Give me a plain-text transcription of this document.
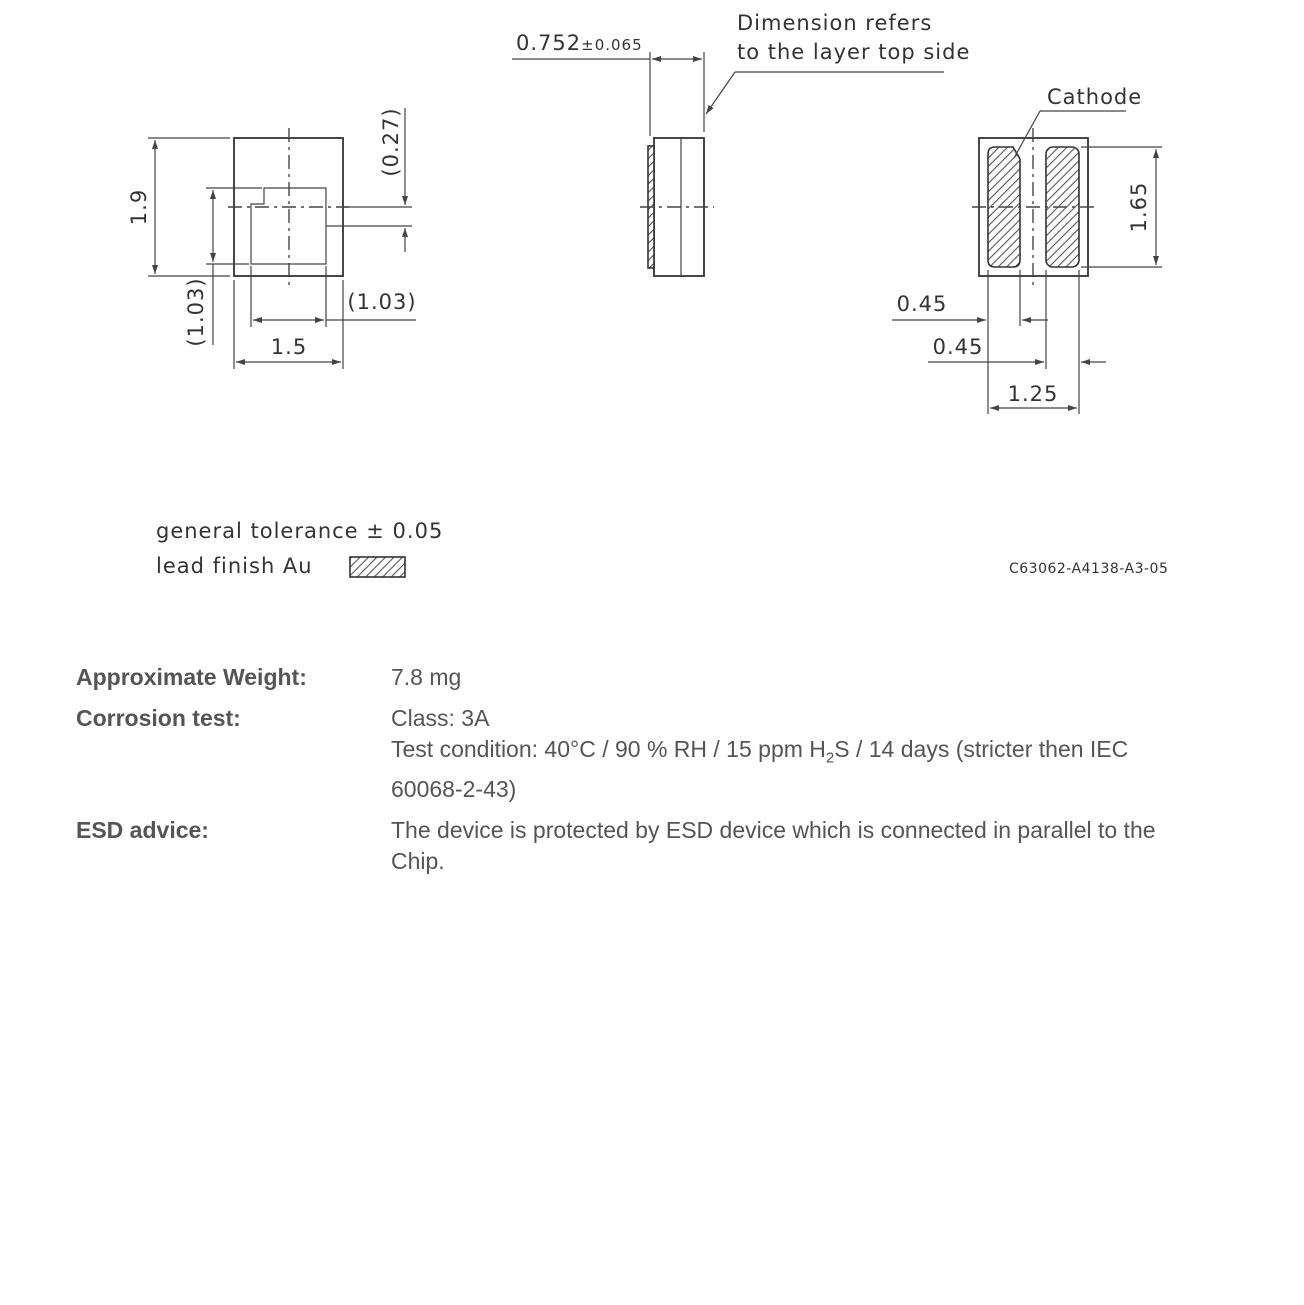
1.9
(1.03)
(0.27)
(1.03)
1.5
0.752±0.065
Dimension refers
to the layer top side
Cathode
1.65
0.45
0.45
1.25
general tolerance ± 0.05
lead finish Au	C63062-A4138-A3-05
Approximate Weight:	7.8 mg
Corrosion test:	Class: 3A
Test condition: 40°C / 90 % RH / 15 ppm $H_2S / 14$ days (stricter then IEC
60068-2-43)
ESD advice:	The device is protected by ESD device which is connected in parallel to the
Chip.
